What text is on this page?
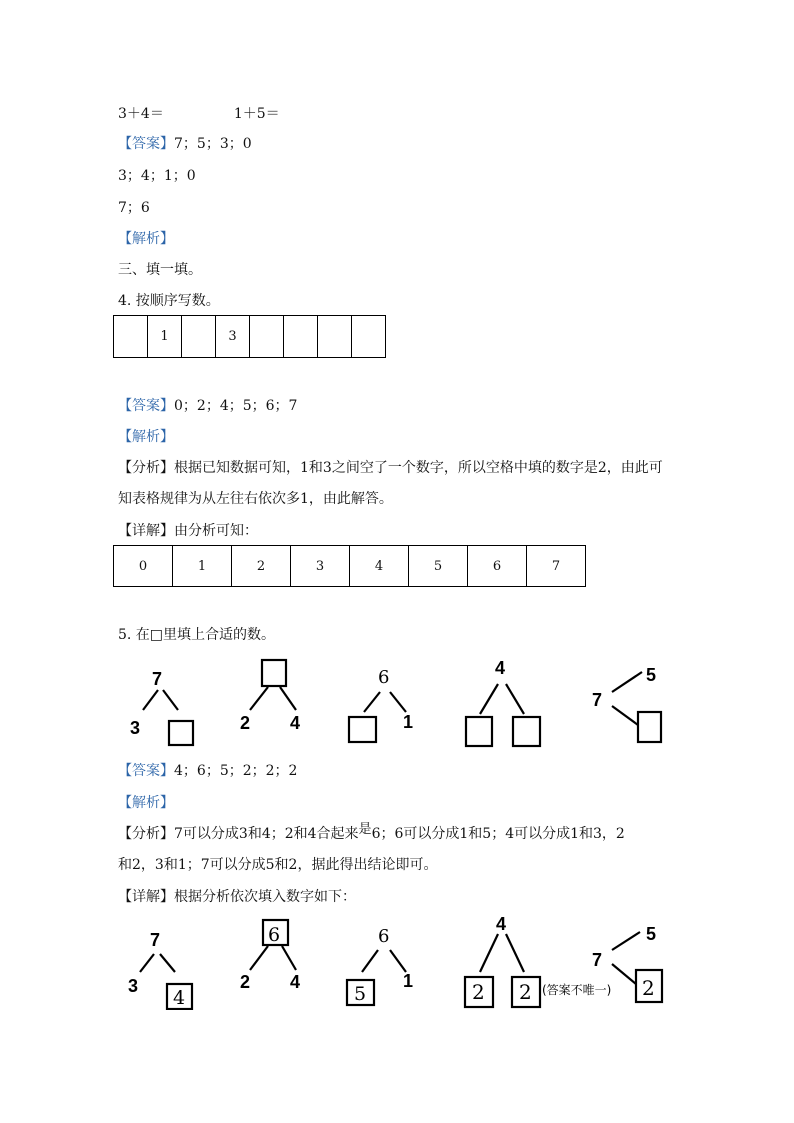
3＋4＝	1＋5＝
【答案】7；5；3；0
3；4；1；0
7；6
【解析】
三、填一填。
4. 按顺序写数。
	1		3				
【答案】0；2；4；5；6；7
【解析】
【分析】根据已知数据可知，1和3之间空了一个数字，所以空格中填的数字是2，由此可
知表格规律为从左往右依次多1，由此解答。
【详解】由分析可知：
0	1	2	3	4	5	6	7
5. 在□里填上合适的数。
7
3	2 4
6
1
4	5
7
【答案】4；6；5；2；2；2
【解析】
【分析】7可以分成3和4；2和4合起来是6；6可以分成1和5；4可以分成1和3，2
和2，3和1；7可以分成5和2，据此得出结论即可。
【详解】根据分析依次填入数字如下：
7
3
4
6
2 4
6
5
1
4
2 2 (答案不唯一)
5
7
2
